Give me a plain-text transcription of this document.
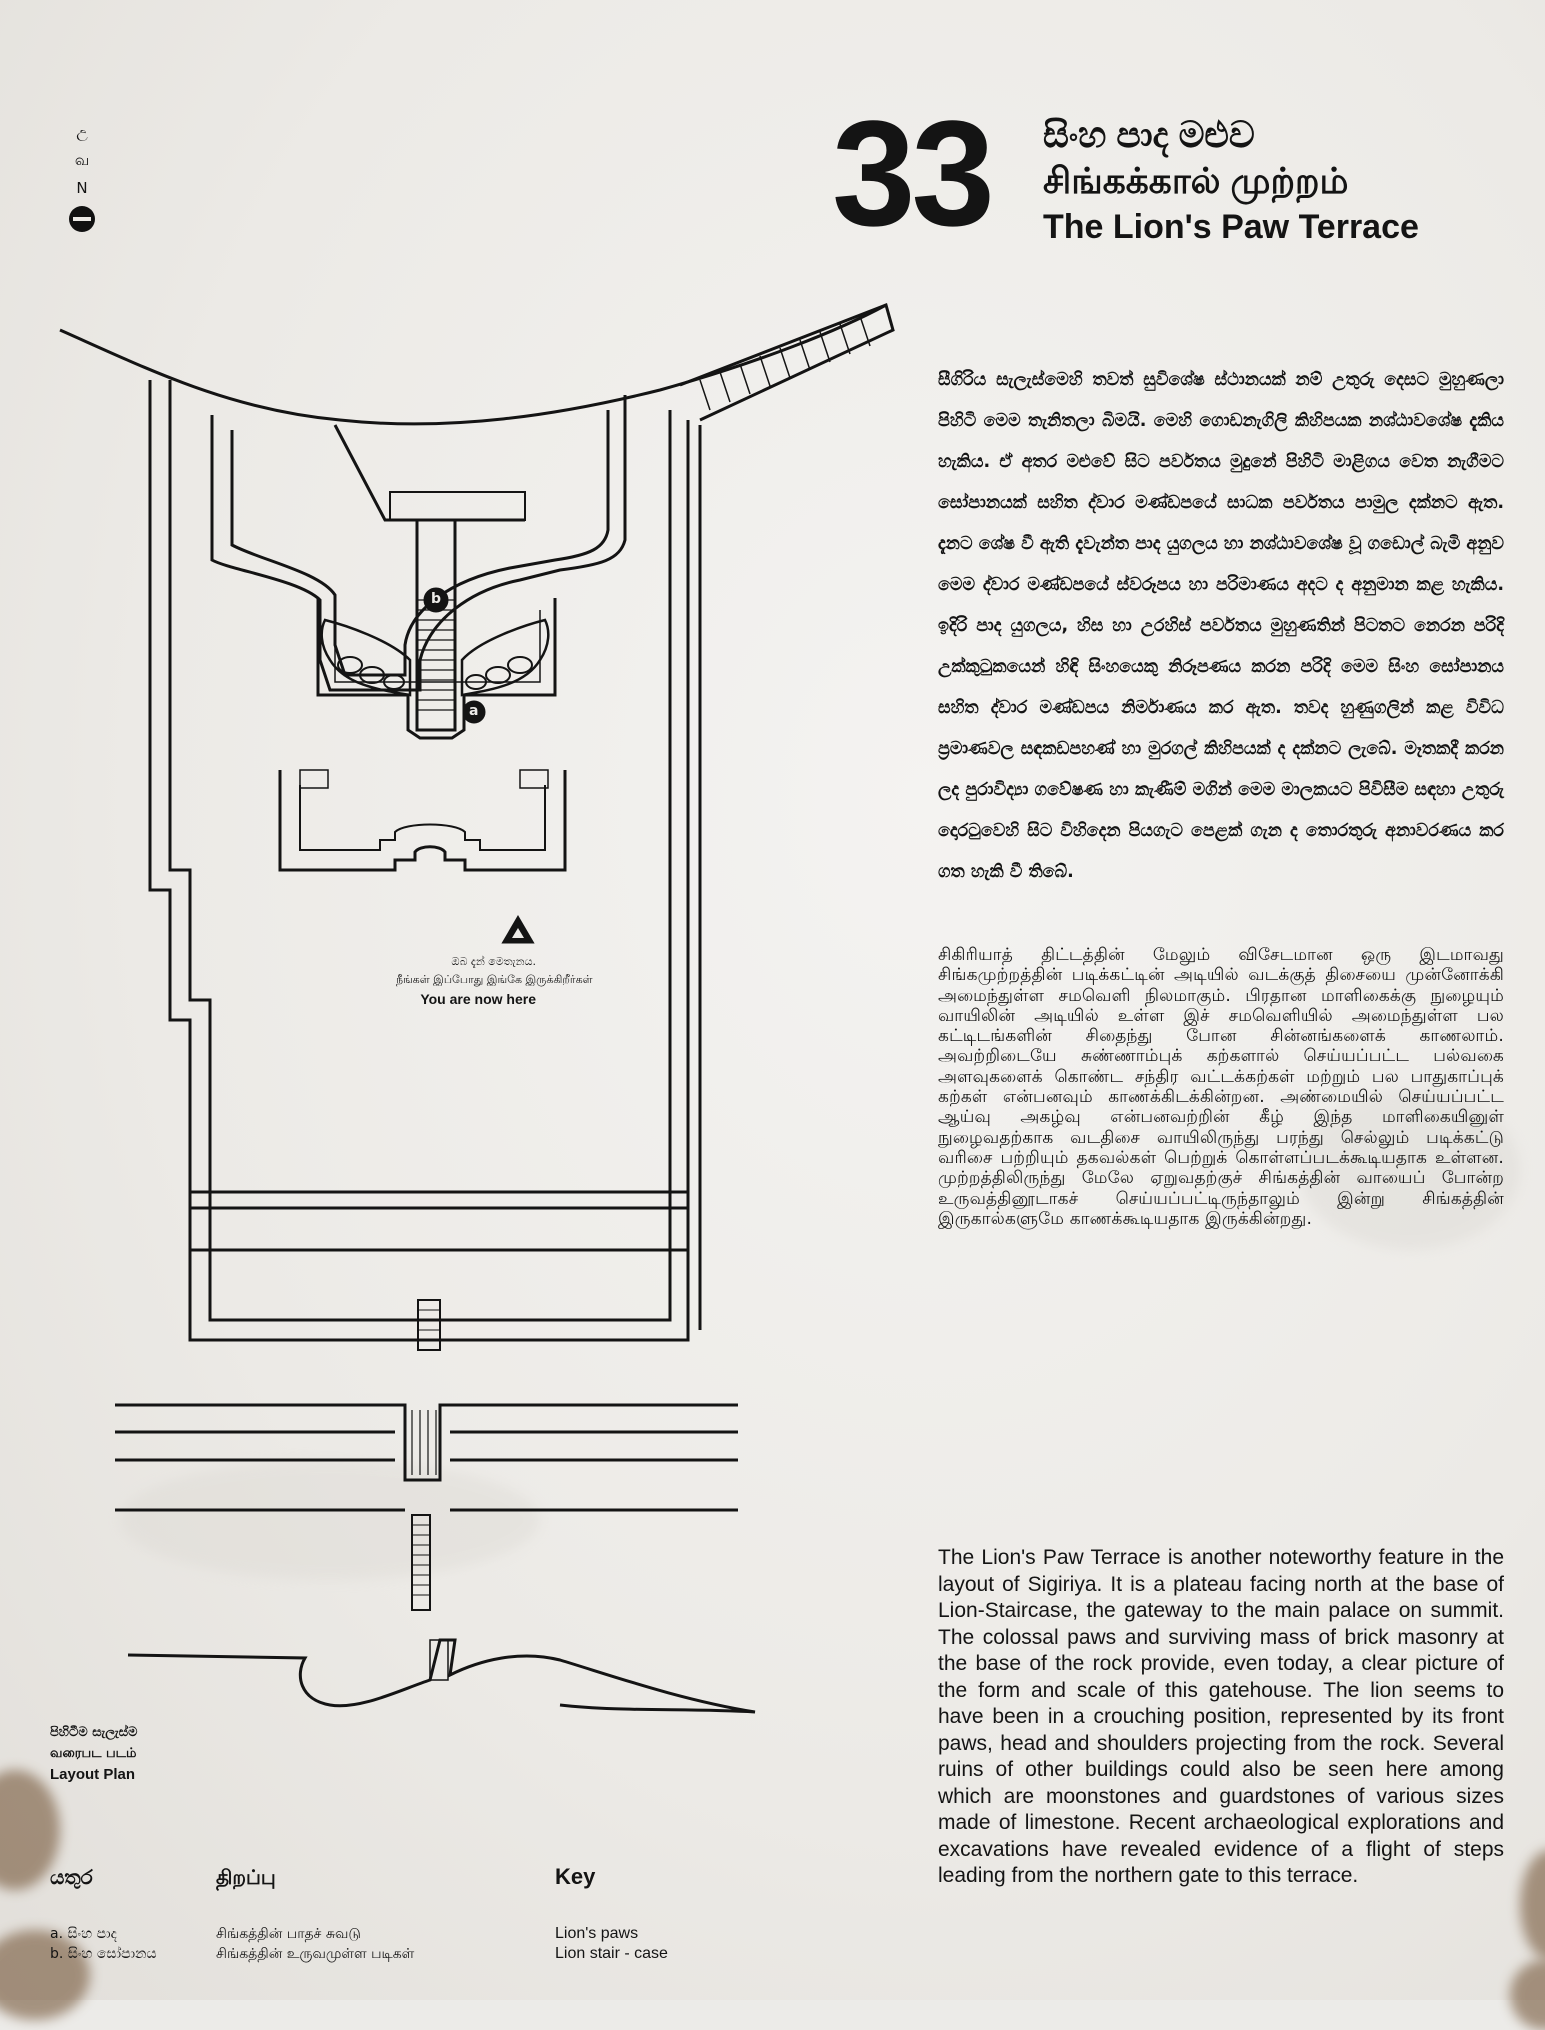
උ
வ
N	33 සිංහ පාද මළුව
சிங்கக்கால் முற்றம்
The Lion's Paw Terrace
සීගිරිය සැලැස්මෙහි තවත් සුවිශේෂ ස්ථානයක් නම් උතුරු දෙසට මුහුණලා පිහිටි මෙම තැනිතලා බිමයි. මෙහි ගොඩනැගිලි කිහිපයක නශ්ඨාවශේෂ දැකිය හැකිය. ඒ අතර මළුවේ සිට පර්වතය මුදුනේ පිහිටි මාළිගය වෙත නැගීමට සෝපානයක් සහිත ද්වාර මණ්ඩපයේ සාධක පර්වතය පාමුල දක්නට ඇත. දැනට ශේෂ වී ඇති දැවැන්ත පාද යුගලය හා නශ්ඨාවශේෂ වූ ගඩොල් බැමි අනුව මෙම ද්වාර මණ්ඩපයේ ස්වරූපය හා පරිමාණය අදට ද අනුමාන කළ හැකිය. ඉදිරි පාද යුගලය, හිස හා උරහිස් පර්වතය මුහුණතින් පිටතට නෙරන පරිදි උක්කුටුකයෙන් හිඳි සිංහයෙකු නිරූපණය කරන පරිදි මෙම සිංහ සෝපානය සහිත ද්වාර මණ්ඩපය නිර්මාණය කර ඇත. තවද හුණුගලින් කළ විවිධ ප්‍රමාණවල සඳකඩපහණ් හා මුරගල් කිහිපයක් ද දක්නට ලැබේ. මෑතකදී කරන ලද පුරාවිද්‍යා ගවේෂණ හා කැණීම් මගින් මෙම මාලකයට පිවිසීම සඳහා උතුරු දොරටුවෙහි සිට විහිදෙන පියගැට පෙළක් ගැන ද තොරතුරු අනාවරණය කර ගත හැකි වී තිබේ.
சிகிரியாத் திட்டத்தின் மேலும் விசேடமான ஒரு இடமாவது சிங்கமுற்றத்தின் படிக்கட்டின் அடியில் வடக்குத் திசையை முன்னோக்கி அமைந்துள்ள சமவெளி நிலமாகும். பிரதான மாளிகைக்கு நுழையும் வாயிலின் அடியில் உள்ள இச் சமவெளியில் அமைந்துள்ள பல கட்டிடங்களின் சிதைந்து போன சின்னங்களைக் காணலாம். அவற்றிடையே சுண்ணாம்புக் கற்களால் செய்யப்பட்ட பல்வகை அளவுகளைக் கொண்ட சந்திர வட்டக்கற்கள் மற்றும் பல பாதுகாப்புக் கற்கள் என்பனவும் காணக்கிடக்கின்றன. அண்மையில் செய்யப்பட்ட ஆய்வு அகழ்வு என்பனவற்றின் கீழ் இந்த மாளிகையினுள் நுழைவதற்காக வடதிசை வாயிலிருந்து பரந்து செல்லும் படிக்கட்டு வரிசை பற்றியும் தகவல்கள் பெற்றுக் கொள்ளப்படக்கூடியதாக உள்ளன. முற்றத்திலிருந்து மேலே ஏறுவதற்குச் சிங்கத்தின் வாயைப் போன்ற உருவத்தினூடாகச் செய்யப்பட்டிருந்தாலும் இன்று சிங்கத்தின் இருகால்களுமே காணக்கூடியதாக இருக்கின்றது.
The Lion's Paw Terrace is another noteworthy feature in the layout of Sigiriya. It is a plateau facing north at the base of Lion-Staircase, the gateway to the main palace on summit. The colossal paws and surviving mass of brick masonry at the base of the rock provide, even today, a clear picture of the form and scale of this gatehouse. The lion seems to have been in a crouching position, represented by its front paws, head and shoulders projecting from the rock. Several ruins of other buildings could also be seen here among which are moonstones and guardstones of various sizes made of limestone. Recent archaeological explorations and excavations have revealed evidence of a flight of steps leading from the northern gate to this terrace.
b
a
ඔබ දැන් මෙතැනය.
நீங்கள் இப்போது இங்கே இருக்கிறீர்கள்
You are now here
පිහිටීම සැලැස්ම
வரைபட படம்
Layout Plan
යතුර
a. සිංහ පාද
b. සිංහ සෝපානය
திறப்பு
சிங்கத்தின் பாதச் சுவடு
சிங்கத்தின் உருவமுள்ள படிகள்
Key
Lion's paws
Lion stair - case
